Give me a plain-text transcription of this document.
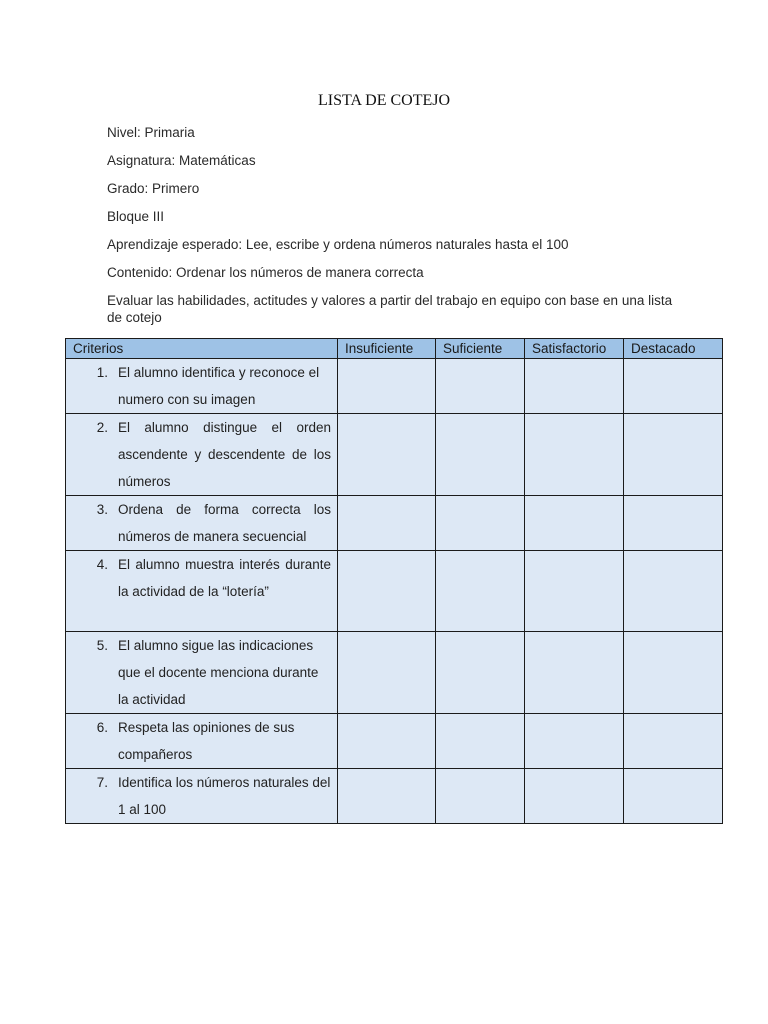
LISTA DE COTEJO
Nivel: Primaria
Asignatura: Matemáticas
Grado: Primero
Bloque III
Aprendizaje esperado: Lee, escribe y ordena números naturales hasta el 100
Contenido: Ordenar los números de manera correcta
Evaluar las habilidades, actitudes y valores a partir del trabajo en equipo con base en una lista de cotejo
Criterios	Insuficiente	Suficiente	Satisfactorio	Destacado

1. El alumno identifica y reconoce el numero con su imagen				

2. El alumno distingue el orden ascendente y descendente de los números				

3. Ordena de forma correcta los números de manera secuencial				

4. El alumno muestra interés durante la actividad de la “lotería”				

5. El alumno sigue las indicaciones que el docente menciona durante la actividad				

6. Respeta las opiniones de sus compañeros				

7. Identifica los números naturales del 1 al 100				
